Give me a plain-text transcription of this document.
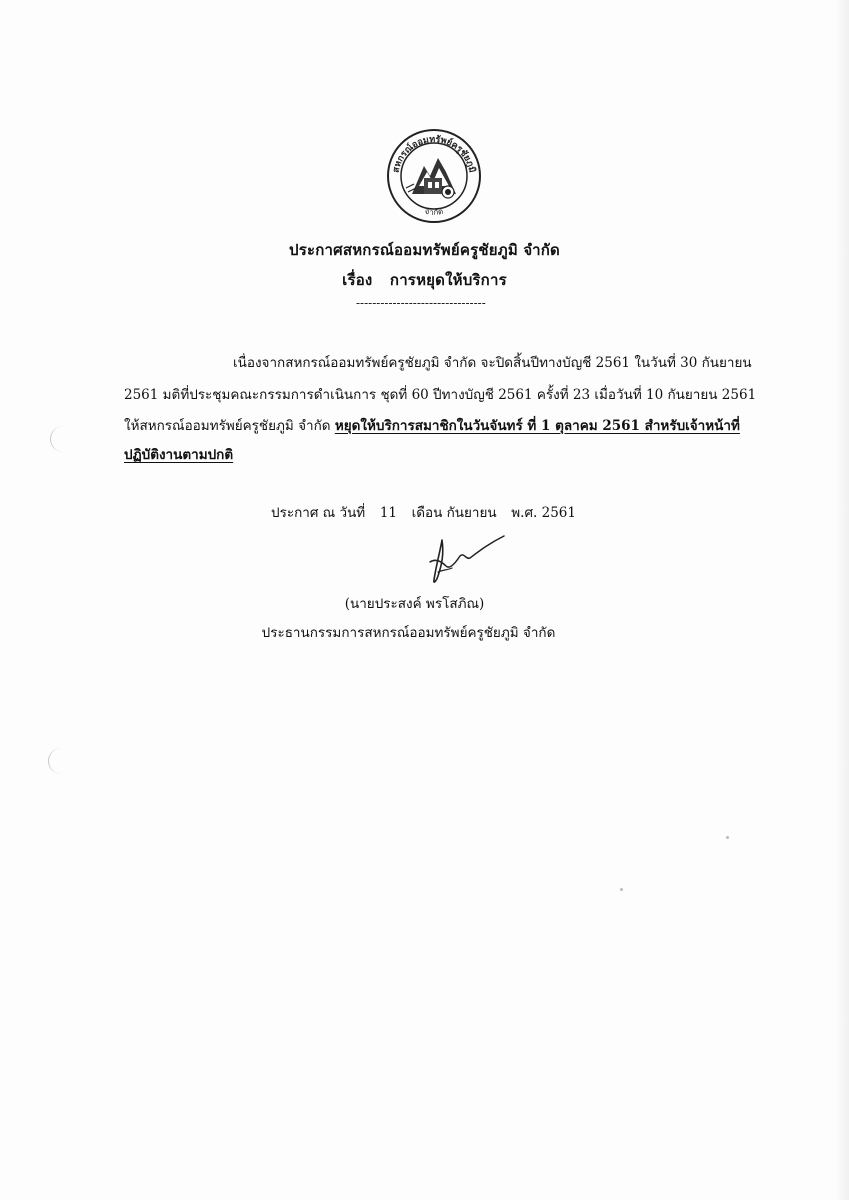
สหกรณ์ออมทรัพย์ครูชัยภูมิ
จำกัด
ประกาศสหกรณ์ออมทรัพย์ครูชัยภูมิ จำกัด
เรื่อง การหยุดให้บริการ
--------------------------------
เนื่องจากสหกรณ์ออมทรัพย์ครูชัยภูมิ จำกัด จะปิดสิ้นปีทางบัญชี 2561 ในวันที่ 30 กันยายน
2561 มติที่ประชุมคณะกรรมการดำเนินการ ชุดที่ 60 ปีทางบัญชี 2561 ครั้งที่ 23 เมื่อวันที่ 10 กันยายน 2561
ให้สหกรณ์ออมทรัพย์ครูชัยภูมิ จำกัด หยุดให้บริการสมาชิกในวันจันทร์ ที่ 1 ตุลาคม 2561 สำหรับเจ้าหน้าที่
ปฏิบัติงานตามปกติ
ประกาศ ณ วันที่ 11 เดือน กันยายน พ.ศ. 2561
(นายประสงค์ พรโสภิณ)
ประธานกรรมการสหกรณ์ออมทรัพย์ครูชัยภูมิ จำกัด
